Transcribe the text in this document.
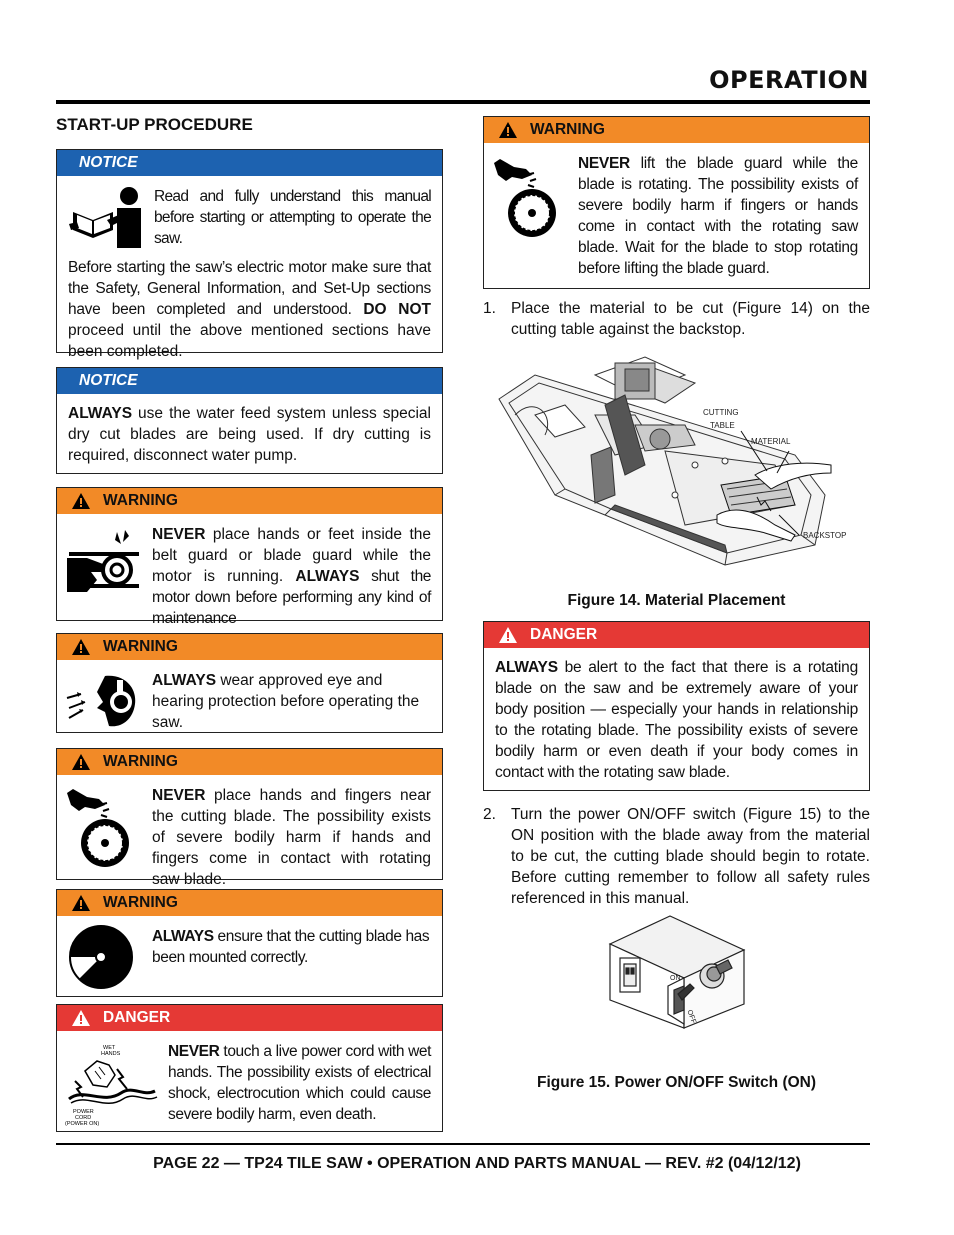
OPERATION
START-UP PROCEDURE
NOTICE
Read and fully understand this manual before starting or attempting to operate the saw.
Before starting the saw’s electric motor make sure that the Safety, General Information, and Set-Up sections have been completed and understood. DO NOT proceed until the above mentioned sections have been completed.
NOTICE
ALWAYS use the water feed system unless special dry cut blades are being used. If dry cutting is required, disconnect water pump.
WARNING
NEVER place hands or feet inside the belt guard or blade guard while the motor is running. ALWAYS shut the motor down before performing any kind of maintenance
WARNING
ALWAYS wear approved eye and hearing protection before operating the saw.
WARNING
NEVER place hands and fingers near the cutting blade. The possibility exists of severe bodily harm if hands and fingers come in contact with rotating saw blade.
WARNING
ALWAYS ensure that the cutting blade has been mounted correctly.
DANGER
WET
HANDS
POWER
CORD
(POWER ON)
NEVER touch a live power cord with wet hands. The possibility exists of electrical shock, electrocution which could cause severe bodily harm, even death.
WARNING
NEVER lift the blade guard while the blade is rotating. The possibility exists of severe bodily harm if fingers or hands come in contact with the rotating saw blade. Wait for the blade to stop rotating before lifting the blade guard.
1. Place the material to be cut (Figure 14) on the cutting table against the backstop.
CUTTING
TABLE
MATERIAL
BACKSTOP
Figure 14. Material Placement
DANGER
ALWAYS be alert to the fact that there is a rotating blade on the saw and be extremely aware of your body position — especially your hands in relationship to the rotating blade. The possibility exists of severe bodily harm or even death if your body comes in contact with the rotating saw blade.
2. Turn the power ON/OFF switch (Figure 15) to the ON position with the blade away from the material to be cut, the cutting blade should begin to rotate. Before cutting remember to follow all safety rules referenced in this manual.
ON
OFF
Figure 15. Power ON/OFF Switch (ON)
PAGE 22 — TP24 TILE SAW • OPERATION AND PARTS MANUAL — REV. #2 (04/12/12)
